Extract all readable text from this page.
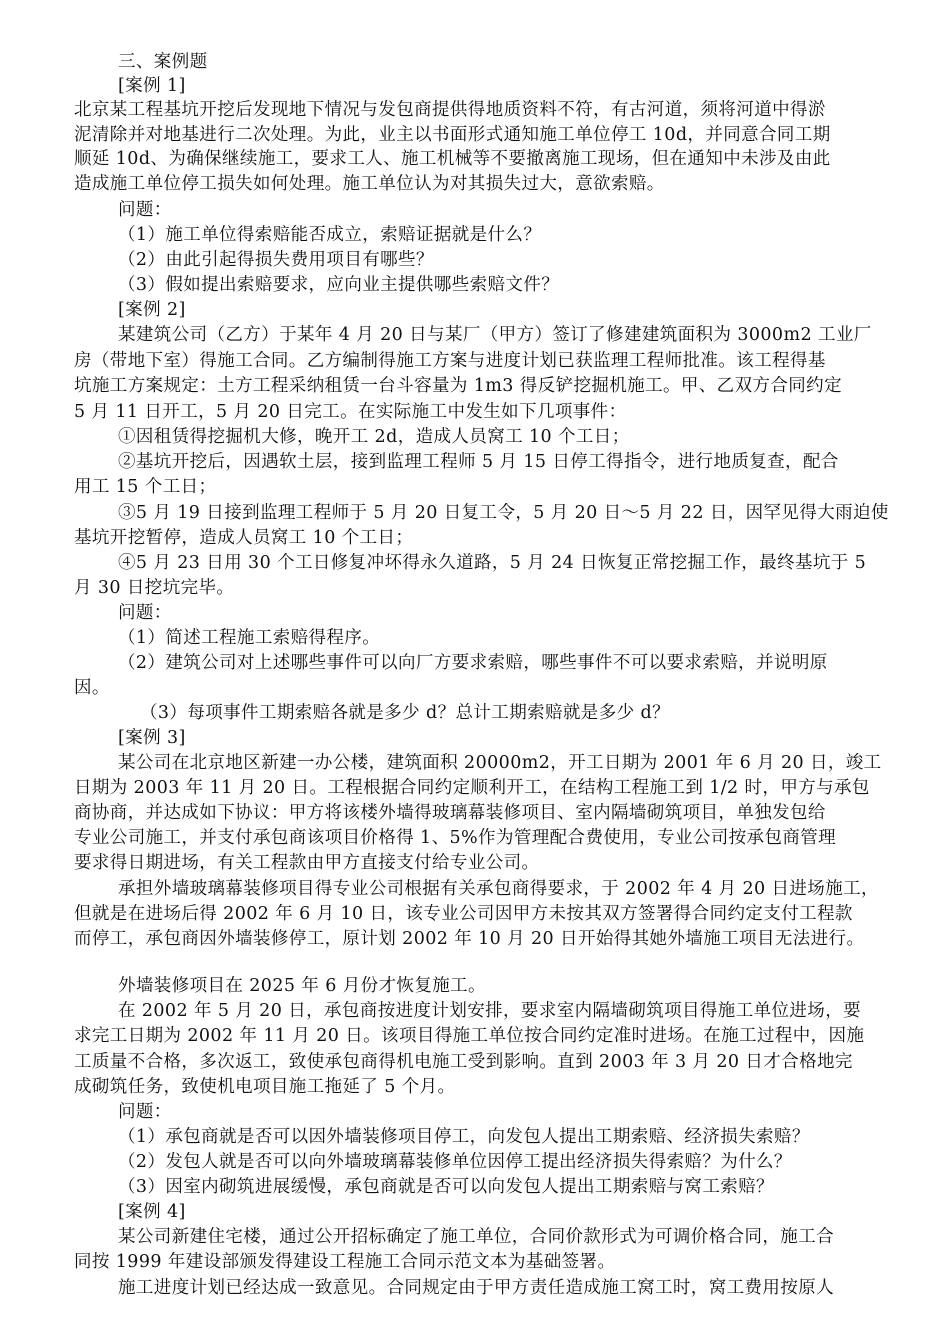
三、案例题

[案例 1]

北京某工程基坑开挖后发现地下情况与发包商提供得地质资料不符，有古河道，须将河道中得淤

泥清除并对地基进行二次处理。为此，业主以书面形式通知施工单位停工 10d，并同意合同工期

顺延 10d、为确保继续施工，要求工人、施工机械等不要撤离施工现场，但在通知中未涉及由此

造成施工单位停工损失如何处理。施工单位认为对其损失过大，意欲索赔。

问题：

（1）施工单位得索赔能否成立，索赔证据就是什么？

（2）由此引起得损失费用项目有哪些？

（3）假如提出索赔要求，应向业主提供哪些索赔文件？

[案例 2]

某建筑公司（乙方）于某年 4 月 20 日与某厂（甲方）签订了修建建筑面积为 3000m2 工业厂

房（带地下室）得施工合同。乙方编制得施工方案与进度计划已获监理工程师批准。该工程得基

坑施工方案规定：土方工程采纳租赁一台斗容量为 1m3 得反铲挖掘机施工。甲、乙双方合同约定

5 月 11 日开工，5 月 20 日完工。在实际施工中发生如下几项事件：

①因租赁得挖掘机大修，晚开工 2d，造成人员窝工 10 个工日；

②基坑开挖后，因遇软土层，接到监理工程师 5 月 15 日停工得指令，进行地质复查，配合

用工 15 个工日；

③5 月 19 日接到监理工程师于 5 月 20 日复工令，5 月 20 日～5 月 22 日，因罕见得大雨迫使

基坑开挖暂停，造成人员窝工 10 个工日；

④5 月 23 日用 30 个工日修复冲坏得永久道路，5 月 24 日恢复正常挖掘工作，最终基坑于 5

月 30 日挖坑完毕。

问题：

（1）简述工程施工索赔得程序。

（2）建筑公司对上述哪些事件可以向厂方要求索赔，哪些事件不可以要求索赔，并说明原

因。

（3）每项事件工期索赔各就是多少 d？总计工期索赔就是多少 d？

[案例 3]

某公司在北京地区新建一办公楼，建筑面积 20000m2，开工日期为 2001 年 6 月 20 日，竣工

日期为 2003 年 11 月 20 日。工程根据合同约定顺利开工，在结构工程施工到 1/2 时，甲方与承包

商协商，并达成如下协议：甲方将该楼外墙得玻璃幕装修项目、室内隔墙砌筑项目，单独发包给

专业公司施工，并支付承包商该项目价格得 1、5%作为管理配合费使用，专业公司按承包商管理

要求得日期进场，有关工程款由甲方直接支付给专业公司。

承担外墙玻璃幕装修项目得专业公司根据有关承包商得要求，于 2002 年 4 月 20 日进场施工，

但就是在进场后得 2002 年 6 月 10 日，该专业公司因甲方未按其双方签署得合同约定支付工程款

而停工，承包商因外墙装修停工，原计划 2002 年 10 月 20 日开始得其她外墙施工项目无法进行。

外墙装修项目在 2025 年 6 月份才恢复施工。

在 2002 年 5 月 20 日，承包商按进度计划安排，要求室内隔墙砌筑项目得施工单位进场，要

求完工日期为 2002 年 11 月 20 日。该项目得施工单位按合同约定准时进场。在施工过程中，因施

工质量不合格，多次返工，致使承包商得机电施工受到影响。直到 2003 年 3 月 20 日才合格地完

成砌筑任务，致使机电项目施工拖延了 5 个月。

问题：

（1）承包商就是否可以因外墙装修项目停工，向发包人提出工期索赔、经济损失索赔？

（2）发包人就是否可以向外墙玻璃幕装修单位因停工提出经济损失得索赔？为什么？

（3）因室内砌筑进展缓慢，承包商就是否可以向发包人提出工期索赔与窝工索赔？

[案例 4]

某公司新建住宅楼，通过公开招标确定了施工单位，合同价款形式为可调价格合同，施工合

同按 1999 年建设部颁发得建设工程施工合同示范文本为基础签署。

施工进度计划已经达成一致意见。合同规定由于甲方责任造成施工窝工时，窝工费用按原人
